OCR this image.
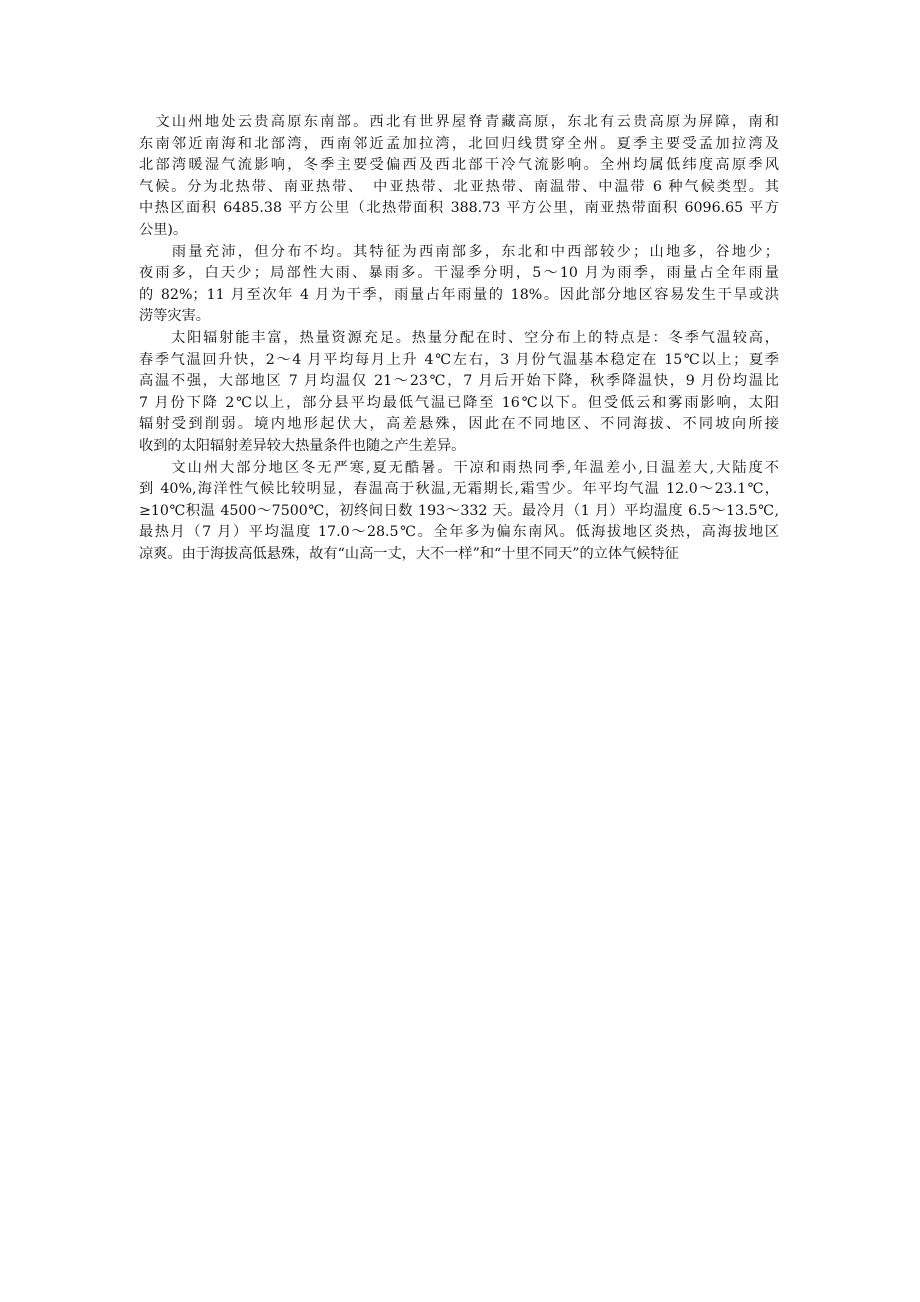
　文山州地处云贵高原东南部。西北有世界屋脊青藏高原，东北有云贵高原为屏障，南和
东南邻近南海和北部湾，西南邻近孟加拉湾，北回归线贯穿全州。夏季主要受孟加拉湾及
北部湾暖湿气流影响，冬季主要受偏西及西北部干冷气流影响。全州均属低纬度高原季风
气候。分为北热带、南亚热带、　中亚热带、北亚热带、南温带、中温带 6 种气候类型。其
中热区面积 6485.38 平方公里（北热带面积 388.73 平方公里，南亚热带面积 6096.65 平方
公里)。
　　雨量充沛，但分布不均。其特征为西南部多，东北和中西部较少；山地多，谷地少；
夜雨多，白天少；局部性大雨、暴雨多。干湿季分明，5～10 月为雨季，雨量占全年雨量
的 82%；11 月至次年 4 月为干季，雨量占年雨量的 18%。因此部分地区容易发生干旱或洪
涝等灾害。
　　太阳辐射能丰富，热量资源充足。热量分配在时、空分布上的特点是：冬季气温较高，
春季气温回升快，2～4 月平均每月上升 4℃左右，3 月份气温基本稳定在 15℃以上；夏季
高温不强，大部地区 7 月均温仅 21～23℃，7 月后开始下降，秋季降温快，9 月份均温比
7 月份下降 2℃以上，部分县平均最低气温已降至 16℃以下。但受低云和雾雨影响，太阳
辐射受到削弱。境内地形起伏大，高差悬殊，因此在不同地区、不同海拔、不同坡向所接
收到的太阳辐射差异较大热量条件也随之产生差异。
　　文山州大部分地区冬无严寒,夏无酷暑。干凉和雨热同季,年温差小,日温差大,大陆度不
到 40%,海洋性气候比较明显，春温高于秋温,无霜期长,霜雪少。年平均气温 12.0～23.1℃，
≥10℃积温 4500～7500℃，初终间日数 193～332 天。最冷月（1 月）平均温度 6.5～13.5℃,
最热月（7 月）平均温度 17.0～28.5℃。全年多为偏东南风。低海拔地区炎热，高海拔地区
凉爽。由于海拔高低悬殊，故有“山高一丈，大不一样”和“十里不同天”的立体气候特征
